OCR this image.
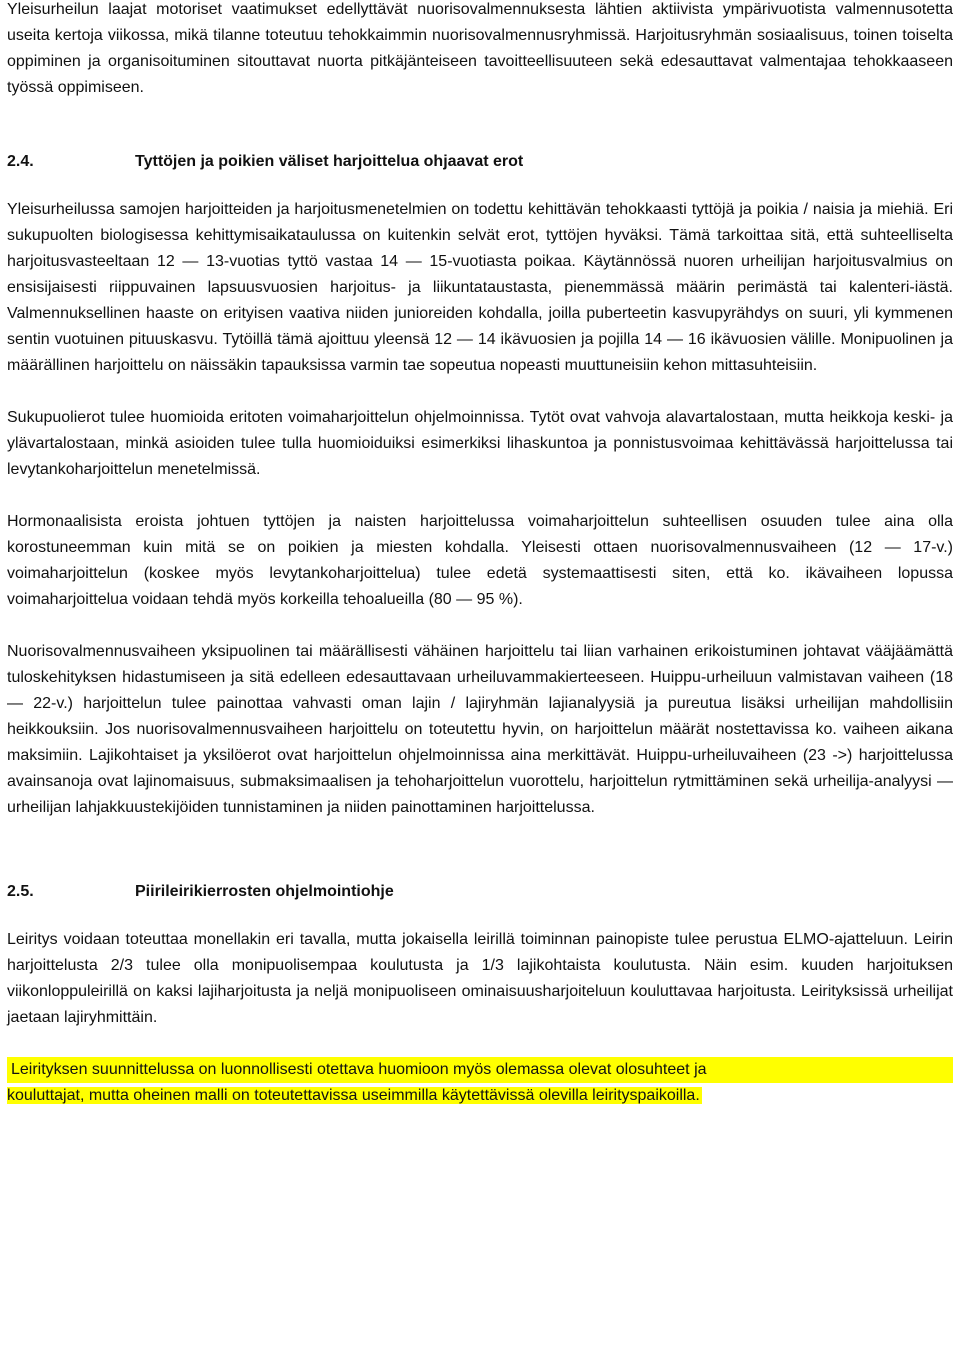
Yleisurheilun laajat motoriset vaatimukset edellyttävät nuorisovalmennuksesta lähtien aktiivista ympärivuotista valmennusotetta useita kertoja viikossa, mikä tilanne toteutuu tehokkaimmin nuorisovalmennusryhmissä. Harjoitusryhmän sosiaalisuus, toinen toiselta oppiminen ja organisoituminen sitouttavat nuorta pitkäjänteiseen tavoitteellisuuteen sekä edesauttavat valmentajaa tehokkaaseen työssä oppimiseen.

2.4.	Tyttöjen ja poikien väliset harjoittelua ohjaavat erot

Yleisurheilussa samojen harjoitteiden ja harjoitusmenetelmien on todettu kehittävän tehokkaasti tyttöjä ja poikia / naisia ja miehiä. Eri sukupuolten biologisessa kehittymisaikataulussa on kuitenkin selvät erot, tyttöjen hyväksi. Tämä tarkoittaa sitä, että suhteelliselta harjoitusvasteeltaan 12 — 13-vuotias tyttö vastaa 14 — 15-vuotiasta poikaa. Käytännössä nuoren urheilijan harjoitusvalmius on ensisijaisesti riippuvainen lapsuusvuosien harjoitus- ja liikuntataustasta, pienemmässä määrin perimästä tai kalenteri-iästä. Valmennuksellinen haaste on erityisen vaativa niiden junioreiden kohdalla, joilla puberteetin kasvupyrähdys on suuri, yli kymmenen sentin vuotuinen pituuskasvu. Tytöillä tämä ajoittuu yleensä 12 — 14 ikävuosien ja pojilla 14 — 16 ikävuosien välille. Monipuolinen ja määrällinen harjoittelu on näissäkin tapauksissa varmin tae sopeutua nopeasti muuttuneisiin kehon mittasuhteisiin.

Sukupuolierot tulee huomioida eritoten voimaharjoittelun ohjelmoinnissa. Tytöt ovat vahvoja alavartalostaan, mutta heikkoja keski- ja ylävartalostaan, minkä asioiden tulee tulla huomioiduiksi esimerkiksi lihaskuntoa ja ponnistusvoimaa kehittävässä harjoittelussa tai levytankoharjoittelun menetelmissä.

Hormonaalisista eroista johtuen tyttöjen ja naisten harjoittelussa voimaharjoittelun suhteellisen osuuden tulee aina olla korostuneemman kuin mitä se on poikien ja miesten kohdalla. Yleisesti ottaen nuorisovalmennusvaiheen (12 — 17-v.) voimaharjoittelun (koskee myös levytankoharjoittelua) tulee edetä systemaattisesti siten, että ko. ikävaiheen lopussa voimaharjoittelua voidaan tehdä myös korkeilla tehoalueilla (80 — 95 %).

Nuorisovalmennusvaiheen yksipuolinen tai määrällisesti vähäinen harjoittelu tai liian varhainen erikoistuminen johtavat vääjäämättä tuloskehityksen hidastumiseen ja sitä edelleen edesauttavaan urheiluvammakierteeseen. Huippu-urheiluun valmistavan vaiheen (18 — 22-v.) harjoittelun tulee painottaa vahvasti oman lajin / lajiryhmän lajianalyysiä ja pureutua lisäksi urheilijan mahdollisiin heikkouksiin. Jos nuorisovalmennusvaiheen harjoittelu on toteutettu hyvin, on harjoittelun määrät nostettavissa ko. vaiheen aikana maksimiin. Lajikohtaiset ja yksilöerot ovat harjoittelun ohjelmoinnissa aina merkittävät. Huippu-urheiluvaiheen (23 ->) harjoittelussa avainsanoja ovat lajinomaisuus, submaksimaalisen ja tehoharjoittelun vuorottelu, harjoittelun rytmittäminen sekä urheilija-analyysi — urheilijan lahjakkuustekijöiden tunnistaminen ja niiden painottaminen harjoittelussa.

2.5.	Piirileirikierrosten ohjelmointiohje

Leiritys voidaan toteuttaa monellakin eri tavalla, mutta jokaisella leirillä toiminnan painopiste tulee perustua ELMO-ajatteluun. Leirin harjoittelusta 2/3 tulee olla monipuolisempaa koulutusta ja 1/3 lajikohtaista koulutusta. Näin esim. kuuden harjoituksen viikonloppuleirillä on kaksi lajiharjoitusta ja neljä monipuoliseen ominaisuusharjoiteluun kouluttavaa harjoitusta. Leirityksissä urheilijat jaetaan lajiryhmittäin.

Leirityksen suunnittelussa on luonnollisesti otettava huomioon myös olemassa olevat olosuhteet ja
kouluttajat, mutta oheinen malli on toteutettavissa useimmilla käytettävissä olevilla leirityspaikoilla.
